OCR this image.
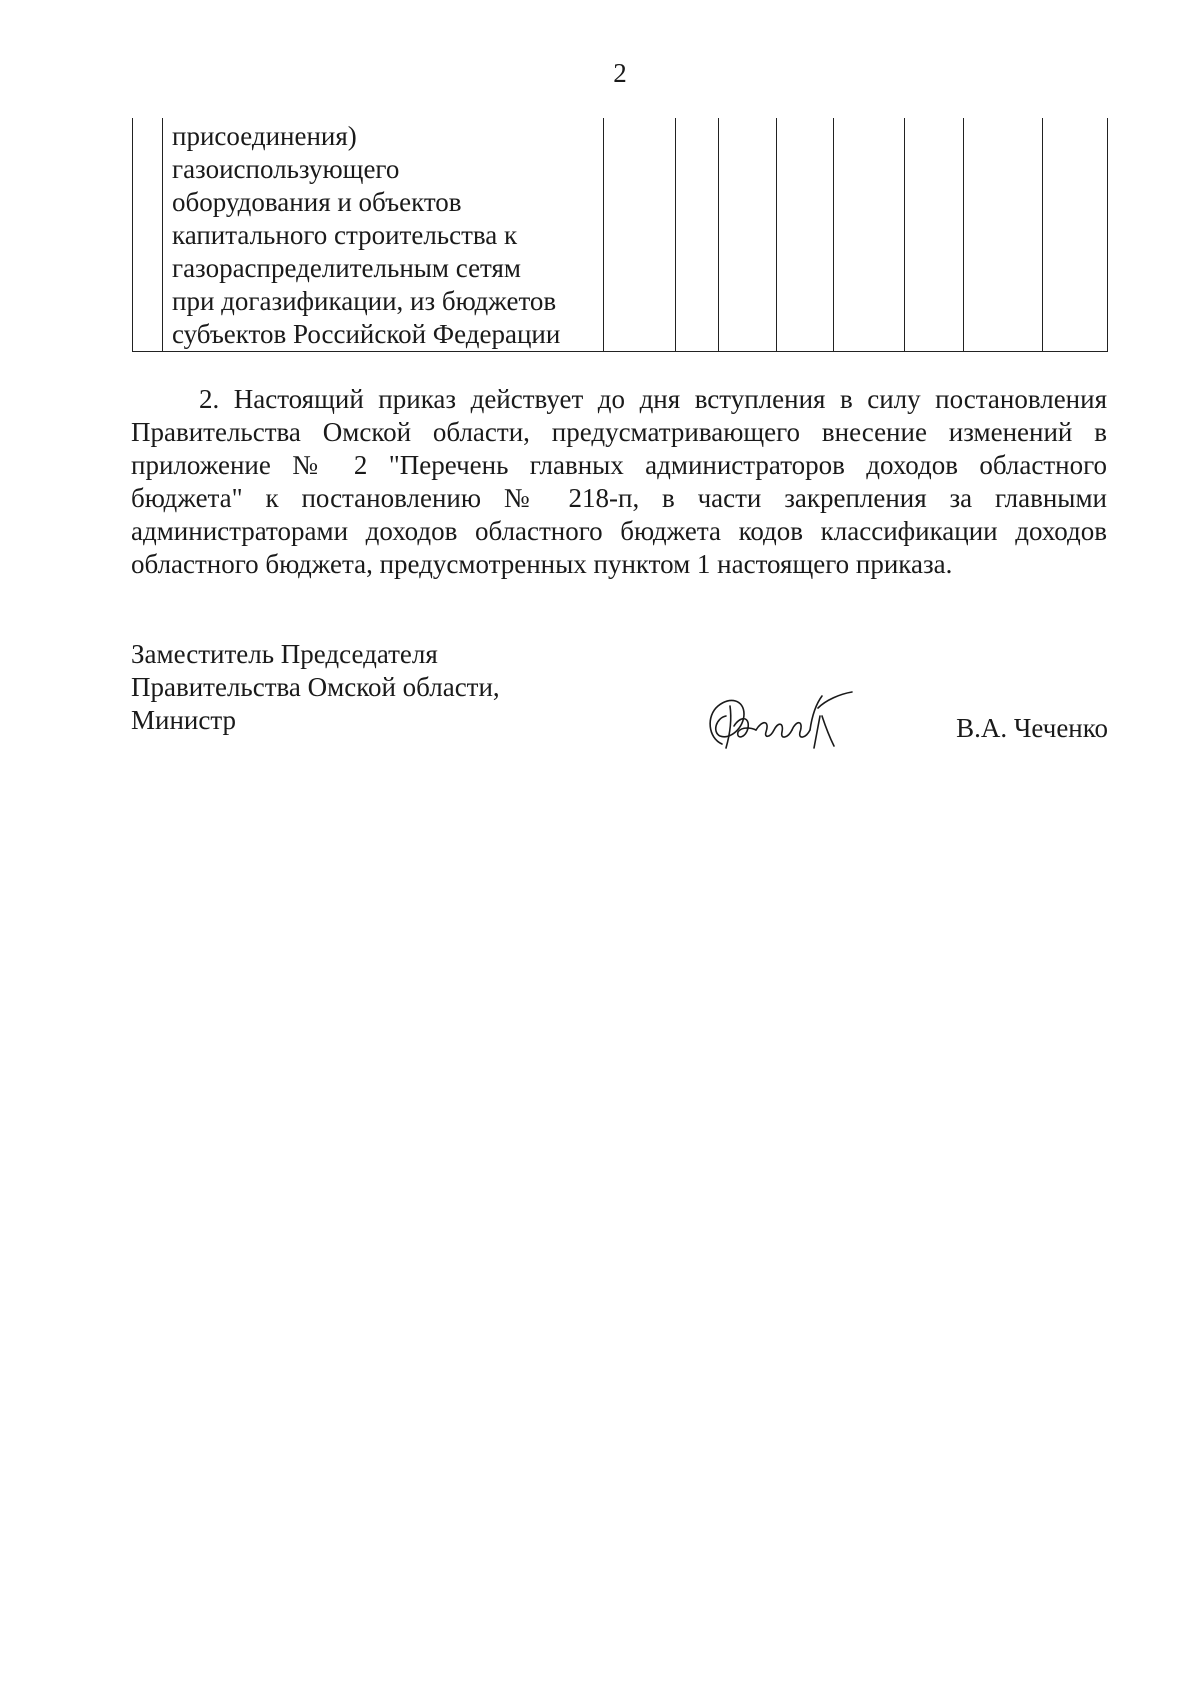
2

присоединения)
газоиспользующего
оборудования и объектов
капитального строительства к
газораспределительным сетям
при догазификации, из бюджетов
субъектов Российской Федерации

2. Настоящий приказ действует до дня вступления в силу постановления
Правительства Омской области, предусматривающего внесение изменений в
приложение № 2 "Перечень главных администраторов доходов областного
бюджета" к постановлению № 218-п, в части закрепления за главными
администраторами доходов областного бюджета кодов классификации доходов
областного бюджета, предусмотренных пунктом 1 настоящего приказа.
Заместитель Председателя
Правительства Омской области,
Министр	В.А. Чеченко
